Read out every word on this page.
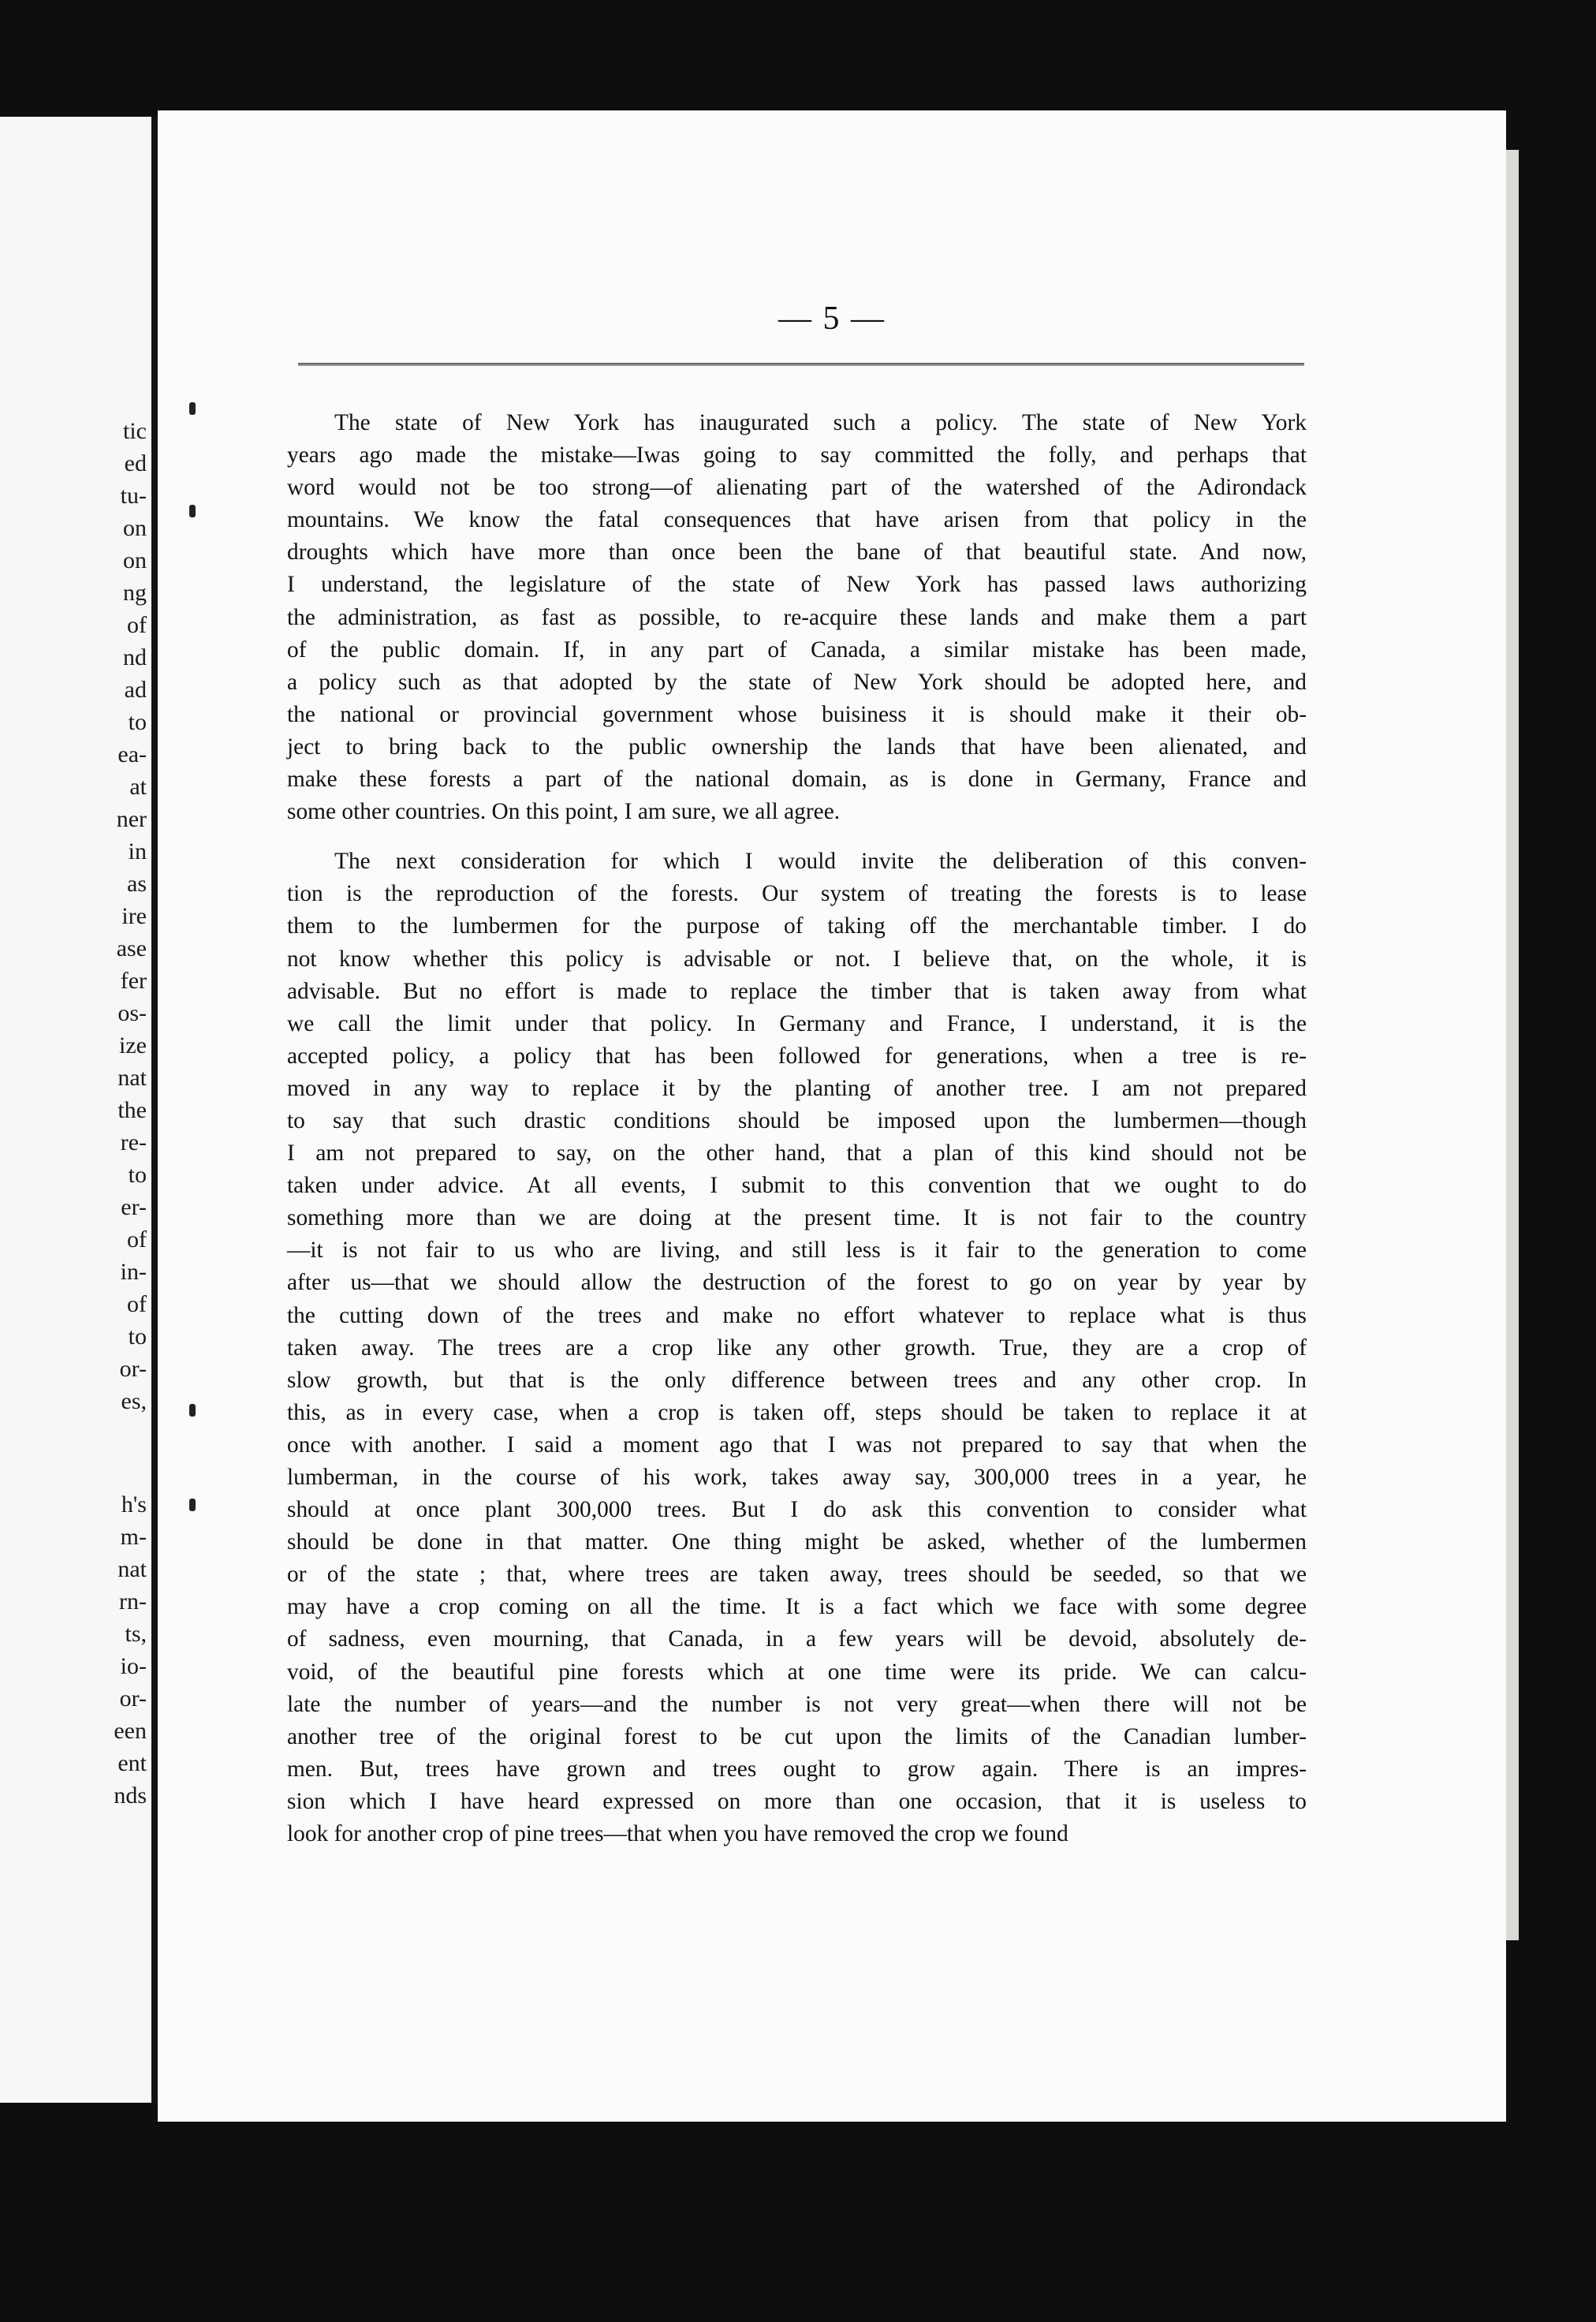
tic
ed
tu-
on
on
ng
of
nd
ad
to
ea-
at
ner
in
as
ire
ase
fer
os-
ize
nat
the
re-
to
er-
of
in-
of
to
or-
es,
h's
m-
nat
rn-
ts,
io-
or-
een
ent
nds
— 5 —
The state of New York has inaugurated such a policy. The state of New York
years ago made the mistake—Iwas going to say committed the folly, and perhaps that
word would not be too strong—of alienating part of the watershed of the Adirondack
mountains. We know the fatal consequences that have arisen from that policy in the
droughts which have more than once been the bane of that beautiful state. And now,
I understand, the legislature of the state of New York has passed laws authorizing
the administration, as fast as possible, to re-acquire these lands and make them a part
of the public domain. If, in any part of Canada, a similar mistake has been made,
a policy such as that adopted by the state of New York should be adopted here, and
the national or provincial government whose buisiness it is should make it their ob-
ject to bring back to the public ownership the lands that have been alienated, and
make these forests a part of the national domain, as is done in Germany, France and
some other countries. On this point, I am sure, we all agree.
The next consideration for which I would invite the deliberation of this conven-
tion is the reproduction of the forests. Our system of treating the forests is to lease
them to the lumbermen for the purpose of taking off the merchantable timber. I do
not know whether this policy is advisable or not. I believe that, on the whole, it is
advisable. But no effort is made to replace the timber that is taken away from what
we call the limit under that policy. In Germany and France, I understand, it is the
accepted policy, a policy that has been followed for generations, when a tree is re-
moved in any way to replace it by the planting of another tree. I am not prepared
to say that such drastic conditions should be imposed upon the lumbermen—though
I am not prepared to say, on the other hand, that a plan of this kind should not be
taken under advice. At all events, I submit to this convention that we ought to do
something more than we are doing at the present time. It is not fair to the country
—it is not fair to us who are living, and still less is it fair to the generation to come
after us—that we should allow the destruction of the forest to go on year by year by
the cutting down of the trees and make no effort whatever to replace what is thus
taken away. The trees are a crop like any other growth. True, they are a crop of
slow growth, but that is the only difference between trees and any other crop. In
this, as in every case, when a crop is taken off, steps should be taken to replace it at
once with another. I said a moment ago that I was not prepared to say that when the
lumberman, in the course of his work, takes away say, 300,000 trees in a year, he
should at once plant 300,000 trees. But I do ask this convention to consider what
should be done in that matter. One thing might be asked, whether of the lumbermen
or of the state ; that, where trees are taken away, trees should be seeded, so that we
may have a crop coming on all the time. It is a fact which we face with some degree
of sadness, even mourning, that Canada, in a few years will be devoid, absolutely de-
void, of the beautiful pine forests which at one time were its pride. We can calcu-
late the number of years—and the number is not very great—when there will not be
another tree of the original forest to be cut upon the limits of the Canadian lumber-
men. But, trees have grown and trees ought to grow again. There is an impres-
sion which I have heard expressed on more than one occasion, that it is useless to
look for another crop of pine trees—that when you have removed the crop we found
